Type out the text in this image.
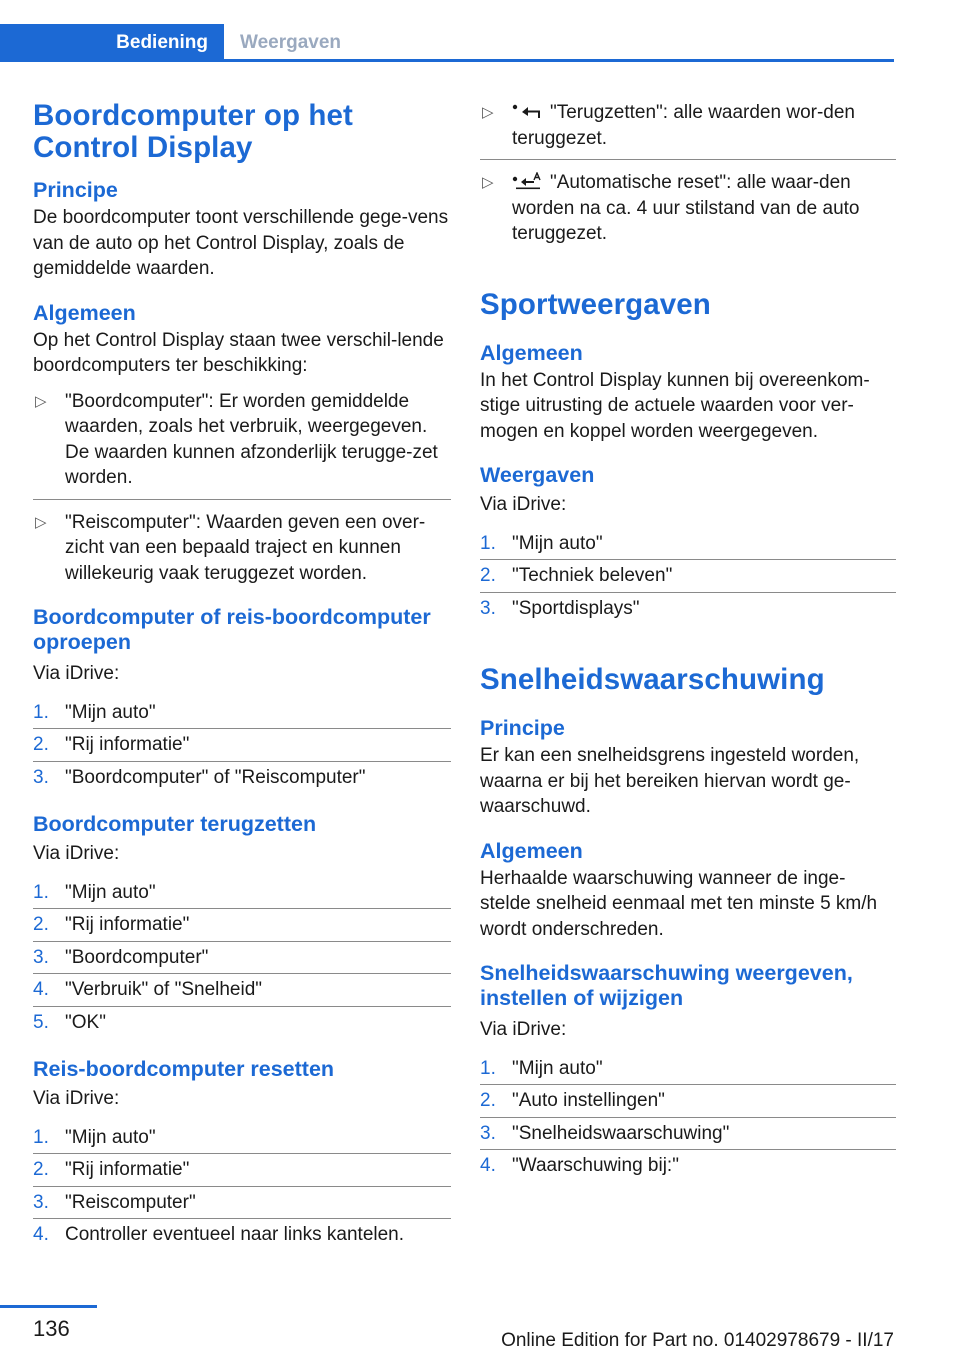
Bediening	Weergaven
Boordcomputer op het Control Display
Principe

De boordcomputer toont verschillende gege-vens van de auto op het Control Display, zoals de gemiddelde waarden.

Algemeen

Op het Control Display staan twee verschil-lende boordcomputers ter beschikking:

▷ "Boordcomputer": Er worden gemiddelde waarden, zoals het verbruik, weergegeven. De waarden kunnen afzonderlijk terugge-zet worden.
▷ "Reiscomputer": Waarden geven een over-zicht van een bepaald traject en kunnen willekeurig vaak teruggezet worden.
Boordcomputer of reis-boordcomputer oproepen

Via iDrive:

1. "Mijn auto"
2. "Rij informatie"
3. "Boordcomputer" of "Reiscomputer"
Boordcomputer terugzetten

Via iDrive:

1. "Mijn auto"
2. "Rij informatie"
3. "Boordcomputer"
4. "Verbruik" of "Snelheid"
5. "OK"
Reis-boordcomputer resetten

Via iDrive:

1. "Mijn auto"
2. "Rij informatie"
3. "Reiscomputer"
4. Controller eventueel naar links kantelen.
▷	"Terugzetten": alle waarden wor-den teruggezet.
▷	"Automatische reset": alle waar-den worden na ca. 4 uur stilstand van de auto teruggezet.
Sportweergaven
Algemeen

In het Control Display kunnen bij overeenkom-stige uitrusting de actuele waarden voor ver-mogen en koppel worden weergegeven.

Weergaven

Via iDrive:

1. "Mijn auto"
2. "Techniek beleven"
3. "Sportdisplays"
Snelheidswaarschuwing
Principe

Er kan een snelheidsgrens ingesteld worden, waarna er bij het bereiken hiervan wordt ge-waarschuwd.

Algemeen

Herhaalde waarschuwing wanneer de inge-stelde snelheid eenmaal met ten minste 5 km/h wordt onderschreden.

Snelheidswaarschuwing weergeven, instellen of wijzigen

Via iDrive:

1. "Mijn auto"
2. "Auto instellingen"
3. "Snelheidswaarschuwing"
4. "Waarschuwing bij:"
136	Online Edition for Part no. 01402978679 - II/17
